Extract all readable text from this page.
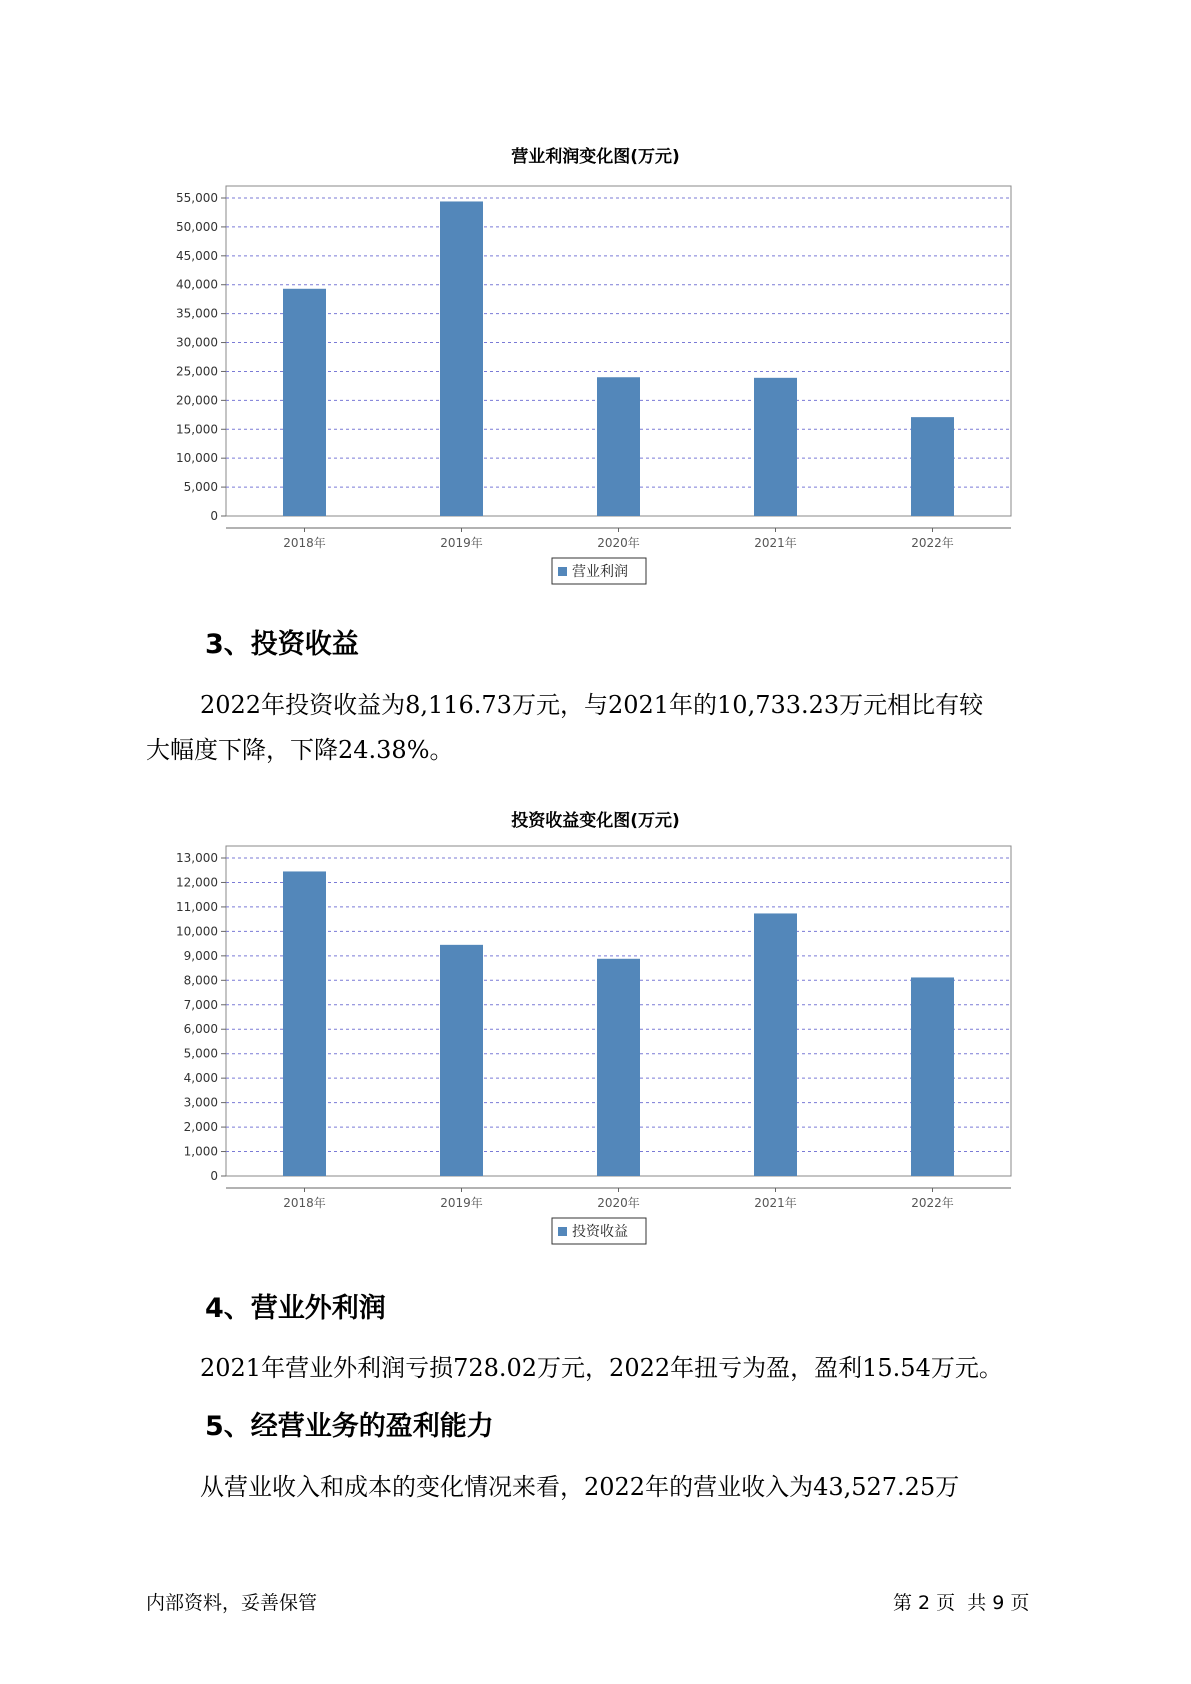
营业利润变化图(万元)
0
5,000
10,000
15,000
20,000
25,000
30,000
35,000
40,000
45,000
50,000
55,000
2018年	2019年	2020年	2021年	2022年
营业利润
3、投资收益
2022年投资收益为8,116.73万元，与2021年的10,733.23万元相比有较
大幅度下降，下降24.38%。
投资收益变化图(万元)
0
1,000
2,000
3,000
4,000
5,000
6,000
7,000
8,000
9,000
10,000
11,000
12,000
13,000
2018年	2019年	2020年	2021年	2022年
投资收益
4、营业外利润
2021年营业外利润亏损728.02万元，2022年扭亏为盈，盈利15.54万元。
5、经营业务的盈利能力
从营业收入和成本的变化情况来看，2022年的营业收入为43,527.25万
内部资料，妥善保管	第 2 页  共 9 页
